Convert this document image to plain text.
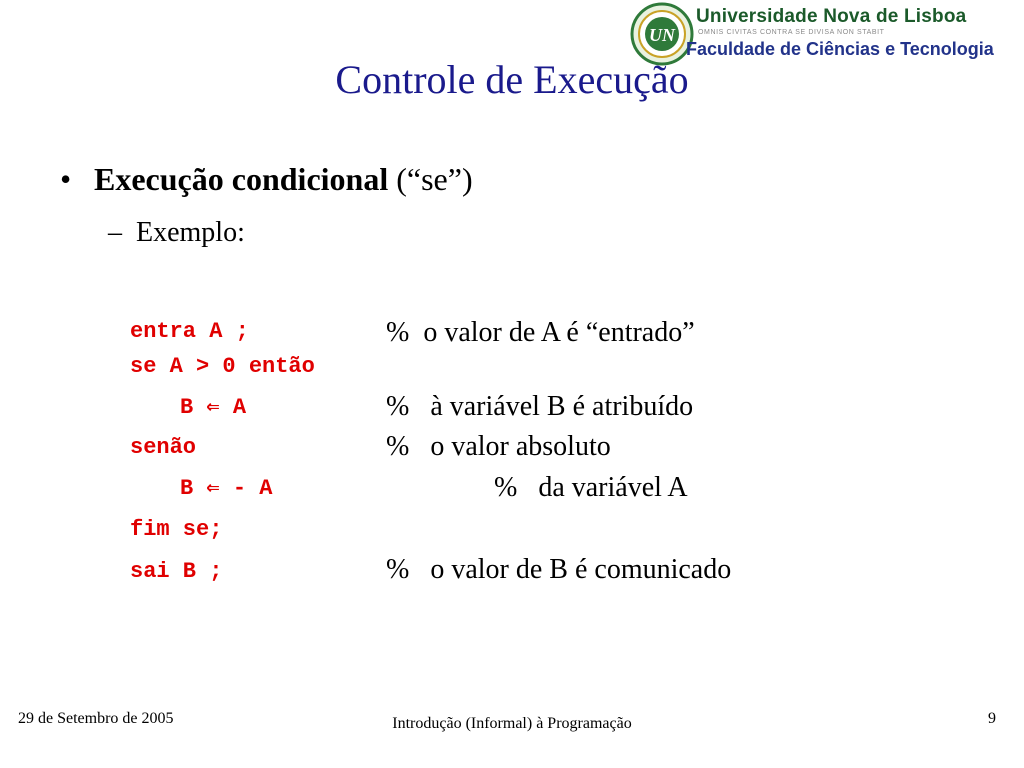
UN
Universidade Nova de Lisboa
OMNIS CIVITAS CONTRA SE DIVISA NON STABIT
Faculdade de Ciências e Tecnologia
Controle de Execução
• Execução condicional (“se”)
– Exemplo:
entra A ;	%  o valor de A é “entrado”
se A > 0 então
B ⇐ A	%   à variável B é atribuído
senão	%   o valor absoluto
B ⇐ - A	%   da variável A
fim se;
sai B ;	%   o valor de B é comunicado
29 de Setembro de 2005	Introdução (Informal) à Programação	9
